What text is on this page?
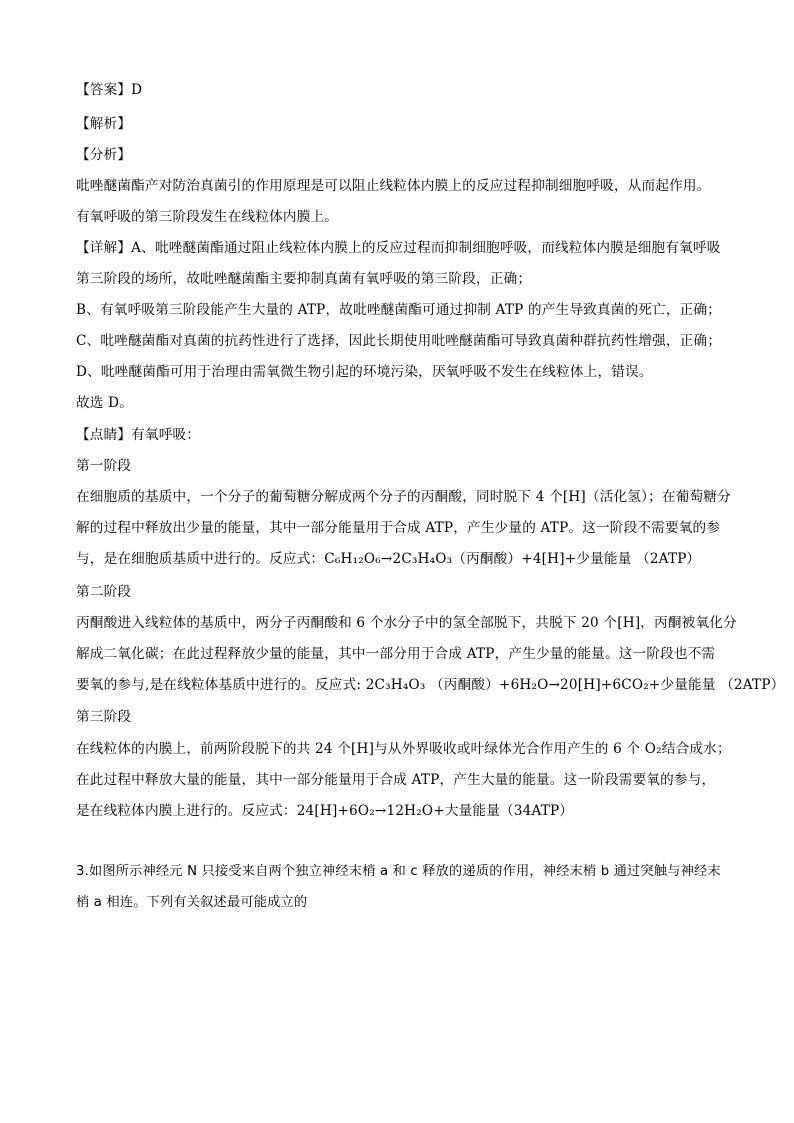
【答案】D
【解析】
【分析】
吡唑醚菌酯产对防治真菌引的作用原理是可以阻止线粒体内膜上的反应过程抑制细胞呼吸，从而起作用。
有氧呼吸的第三阶段发生在线粒体内膜上。
【详解】A、吡唑醚菌酯通过阻止线粒体内膜上的反应过程而抑制细胞呼吸，而线粒体内膜是细胞有氧呼吸
第三阶段的场所，故吡唑醚菌酯主要抑制真菌有氧呼吸的第三阶段，正确；
B、有氧呼吸第三阶段能产生大量的 ATP，故吡唑醚菌酯可通过抑制 ATP 的产生导致真菌的死亡，正确；
C、吡唑醚菌酯对真菌的抗药性进行了选择，因此长期使用吡唑醚菌酯可导致真菌种群抗药性增强，正确；
D、吡唑醚菌酯可用于治理由需氧微生物引起的环境污染，厌氧呼吸不发生在线粒体上，错误。
故选 D。
【点睛】有氧呼吸：
第一阶段
在细胞质的基质中，一个分子的葡萄糖分解成两个分子的丙酮酸，同时脱下 4 个[H]（活化氢）；在葡萄糖分
解的过程中释放出少量的能量，其中一部分能量用于合成 ATP，产生少量的 ATP。这一阶段不需要氧的参
与，是在细胞质基质中进行的。反应式：C₆H₁₂O₆→2C₃H₄O₃（丙酮酸）+4[H]+少量能量 （2ATP）
第二阶段
丙酮酸进入线粒体的基质中，两分子丙酮酸和 6 个水分子中的氢全部脱下，共脱下 20 个[H]，丙酮被氧化分
解成二氧化碳；在此过程释放少量的能量，其中一部分用于合成 ATP，产生少量的能量。这一阶段也不需
要氧的参与,是在线粒体基质中进行的。反应式: 2C₃H₄O₃ （丙酮酸）+6H₂O→20[H]+6CO₂+少量能量 （2ATP）
第三阶段
在线粒体的内膜上，前两阶段脱下的共 24 个[H]与从外界吸收或叶绿体光合作用产生的 6 个 O₂结合成水；
在此过程中释放大量的能量，其中一部分能量用于合成 ATP，产生大量的能量。这一阶段需要氧的参与，
是在线粒体内膜上进行的。反应式：24[H]+6O₂→12H₂O+大量能量（34ATP）
3.如图所示神经元 N 只接受来自两个独立神经末梢 a 和 c 释放的递质的作用，神经末梢 b 通过突触与神经末
梢 a 相连。下列有关叙述最可能成立的
